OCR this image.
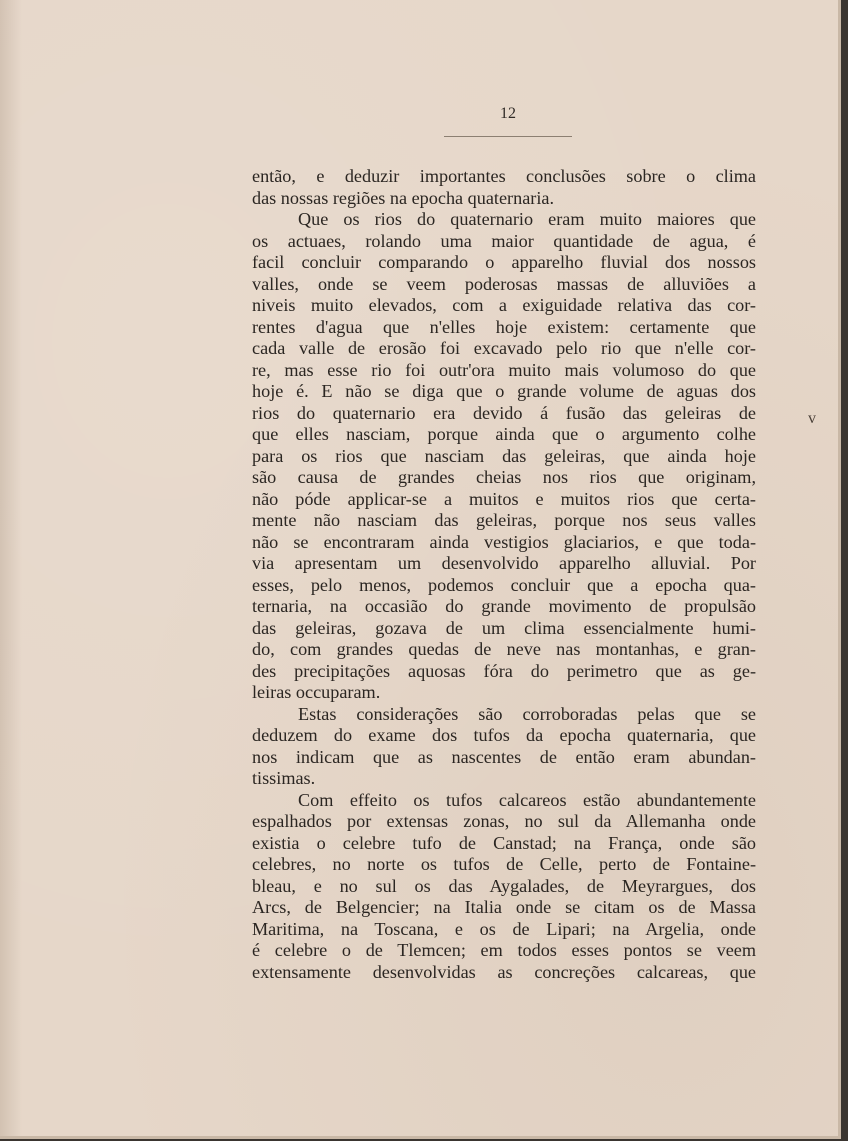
12
então, e deduzir importantes conclusões sobre o clima
das nossas regiões na epocha quaternaria.
Que os rios do quaternario eram muito maiores que
os actuaes, rolando uma maior quantidade de agua, é
facil concluir comparando o apparelho fluvial dos nossos
valles, onde se veem poderosas massas de alluviões a
niveis muito elevados, com a exiguidade relativa das cor-
rentes d'agua que n'elles hoje existem: certamente que
cada valle de erosão foi excavado pelo rio que n'elle cor-
re, mas esse rio foi outr'ora muito mais volumoso do que
hoje é. E não se diga que o grande volume de aguas dos
rios do quaternario era devido á fusão das geleiras de
que elles nasciam, porque ainda que o argumento colhe
para os rios que nasciam das geleiras, que ainda hoje
são causa de grandes cheias nos rios que originam,
não póde applicar-se a muitos e muitos rios que certa-
mente não nasciam das geleiras, porque nos seus valles
não se encontraram ainda vestigios glaciarios, e que toda-
via apresentam um desenvolvido apparelho alluvial. Por
esses, pelo menos, podemos concluir que a epocha qua-
ternaria, na occasião do grande movimento de propulsão
das geleiras, gozava de um clima essencialmente humi-
do, com grandes quedas de neve nas montanhas, e gran-
des precipitações aquosas fóra do perimetro que as ge-
leiras occuparam.
Estas considerações são corroboradas pelas que se
deduzem do exame dos tufos da epocha quaternaria, que
nos indicam que as nascentes de então eram abundan-
tissimas.
Com effeito os tufos calcareos estão abundantemente
espalhados por extensas zonas, no sul da Allemanha onde
existia o celebre tufo de Canstad; na França, onde são
celebres, no norte os tufos de Celle, perto de Fontaine-
bleau, e no sul os das Aygalades, de Meyrargues, dos
Arcs, de Belgencier; na Italia onde se citam os de Massa
Maritima, na Toscana, e os de Lipari; na Argelia, onde
é celebre o de Tlemcen; em todos esses pontos se veem
extensamente desenvolvidas as concreções calcareas, que
v
